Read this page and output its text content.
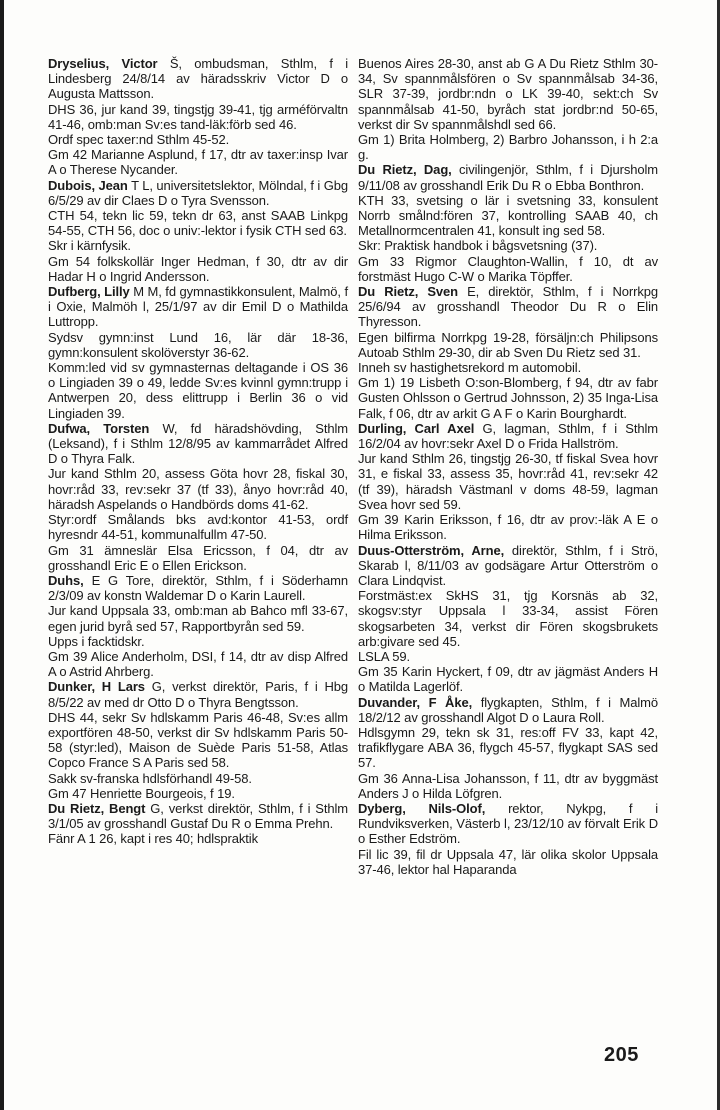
Dryselius, Victor Š, ombudsman, Sthlm, f i Lindesberg 24/8/14 av häradsskriv Victor D o Augusta Mattsson.

DHS 36, jur kand 39, tingstjg 39-41, tjg arméförvaltn 41-46, omb:man Sv:es tand-läk:förb sed 46.

Ordf spec taxer:nd Sthlm 45-52.

Gm 42 Marianne Asplund, f 17, dtr av taxer:insp Ivar A o Therese Nycander.

Dubois, Jean T L, universitetslektor, Mölndal, f i Gbg 6/5/29 av dir Claes D o Tyra Svensson.

CTH 54, tekn lic 59, tekn dr 63, anst SAAB Linkpg 54-55, CTH 56, doc o univ:-lektor i fysik CTH sed 63.

Skr i kärnfysik.

Gm 54 folkskollär Inger Hedman, f 30, dtr av dir Hadar H o Ingrid Andersson.

Dufberg, Lilly M M, fd gymnastikkonsulent, Malmö, f i Oxie, Malmöh l, 25/1/97 av dir Emil D o Mathilda Luttropp.

Sydsv gymn:inst Lund 16, lär där 18-36, gymn:konsulent skolöverstyr 36-62.

Komm:led vid sv gymnasternas deltagande i OS 36 o Lingiaden 39 o 49, ledde Sv:es kvinnl gymn:trupp i Antwerpen 20, dess elittrupp i Berlin 36 o vid Lingiaden 39.

Dufwa, Torsten W, fd häradshövding, Sthlm (Leksand), f i Sthlm 12/8/95 av kammarrådet Alfred D o Thyra Falk.

Jur kand Sthlm 20, assess Göta hovr 28, fiskal 30, hovr:råd 33, rev:sekr 37 (tf 33), ånyo hovr:råd 40, häradsh Aspelands o Handbörds doms 41-62.

Styr:ordf Smålands bks avd:kontor 41-53, ordf hyresndr 44-51, kommunalfullm 47-50.

Gm 31 ämneslär Elsa Ericsson, f 04, dtr av grosshandl Eric E o Ellen Erickson.

Duhs, E G Tore, direktör, Sthlm, f i Söderhamn 2/3/09 av konstn Waldemar D o Karin Laurell.

Jur kand Uppsala 33, omb:man ab Bahco mfl 33-67, egen jurid byrå sed 57, Rapportbyrån sed 59.

Upps i facktidskr.

Gm 39 Alice Anderholm, DSI, f 14, dtr av disp Alfred A o Astrid Ahrberg.

Dunker, H Lars G, verkst direktör, Paris, f i Hbg 8/5/22 av med dr Otto D o Thyra Bengtsson.

DHS 44, sekr Sv hdlskamm Paris 46-48, Sv:es allm exportfören 48-50, verkst dir Sv hdlskamm Paris 50-58 (styr:led), Maison de Suède Paris 51-58, Atlas Copco France S A Paris sed 58.

Sakk sv-franska hdlsförhandl 49-58.

Gm 47 Henriette Bourgeois, f 19.

Du Rietz, Bengt G, verkst direktör, Sthlm, f i Sthlm 3/1/05 av grosshandl Gustaf Du R o Emma Prehn.

Fänr A 1 26, kapt i res 40; hdlspraktik

Buenos Aires 28-30, anst ab G A Du Rietz Sthlm 30-34, Sv spannmålsfören o Sv spannmålsab 34-36, SLR 37-39, jordbr:ndn o LK 39-40, sekt:ch Sv spannmålsab 41-50, byråch stat jordbr:nd 50-65, verkst dir Sv spannmålshdl sed 66.

Gm 1) Brita Holmberg, 2) Barbro Johansson, i h 2:a g.

Du Rietz, Dag, civilingenjör, Sthlm, f i Djursholm 9/11/08 av grosshandl Erik Du R o Ebba Bonthron.

KTH 33, svetsing o lär i svetsning 33, konsulent Norrb smålnd:fören 37, kontrolling SAAB 40, ch Metallnormcentralen 41, konsult ing sed 58.

Skr: Praktisk handbok i bågsvetsning (37).

Gm 33 Rigmor Claughton-Wallin, f 10, dt av forstmäst Hugo C-W o Marika Töpffer.

Du Rietz, Sven E, direktör, Sthlm, f i Norrkpg 25/6/94 av grosshandl Theodor Du R o Elin Thyresson.

Egen bilfirma Norrkpg 19-28, försäljn:ch Philipsons Autoab Sthlm 29-30, dir ab Sven Du Rietz sed 31.

Inneh sv hastighetsrekord m automobil.

Gm 1) 19 Lisbeth O:son-Blomberg, f 94, dtr av fabr Gusten Ohlsson o Gertrud Johnsson, 2) 35 Inga-Lisa Falk, f 06, dtr av arkit G A F o Karin Bourghardt.

Durling, Carl Axel G, lagman, Sthlm, f i Sthlm 16/2/04 av hovr:sekr Axel D o Frida Hallström.

Jur kand Sthlm 26, tingstjg 26-30, tf fiskal Svea hovr 31, e fiskal 33, assess 35, hovr:råd 41, rev:sekr 42 (tf 39), häradsh Västmanl v doms 48-59, lagman Svea hovr sed 59.

Gm 39 Karin Eriksson, f 16, dtr av prov:-läk A E o Hilma Eriksson.

Duus-Otterström, Arne, direktör, Sthlm, f i Strö, Skarab l, 8/11/03 av godsägare Artur Otterström o Clara Lindqvist.

Forstmäst:ex SkHS 31, tjg Korsnäs ab 32, skogsv:styr Uppsala l 33-34, assist Fören skogsarbeten 34, verkst dir Fören skogsbrukets arb:givare sed 45.

LSLA 59.

Gm 35 Karin Hyckert, f 09, dtr av jägmäst Anders H o Matilda Lagerlöf.

Duvander, F Åke, flygkapten, Sthlm, f i Malmö 18/2/12 av grosshandl Algot D o Laura Roll.

Hdlsgymn 29, tekn sk 31, res:off FV 33, kapt 42, trafikflygare ABA 36, flygch 45-57, flygkapt SAS sed 57.

Gm 36 Anna-Lisa Johansson, f 11, dtr av byggmäst Anders J o Hilda Löfgren.

Dyberg, Nils-Olof, rektor, Nykpg, f i Rundviksverken, Västerb l, 23/12/10 av förvalt Erik D o Esther Edström.

Fil lic 39, fil dr Uppsala 47, lär olika skolor Uppsala 37-46, lektor hal Haparanda

205
